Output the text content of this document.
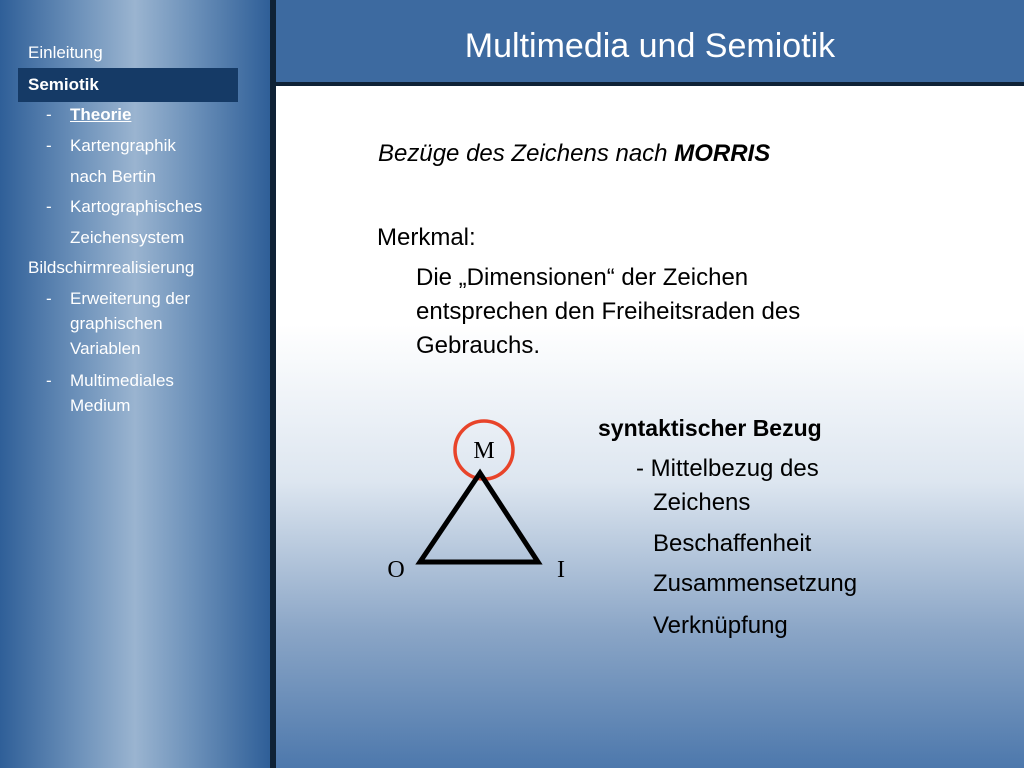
Einleitung
Semiotik
- Theorie
- Kartengraphik
nach Bertin
- Kartographisches
Zeichensystem
Bildschirmrealisierung
- Erweiterung der
graphischen
Variablen
- Multimediales
Medium
Multimedia und Semiotik
Bezüge des Zeichens nach MORRIS
Merkmal:
Die „Dimensionen“ der Zeichen
entsprechen den Freiheitsraden des
Gebrauchs.
M
O	I
syntaktischer Bezug
- Mittelbezug des
Zeichens
Beschaffenheit
Zusammensetzung
Verknüpfung
